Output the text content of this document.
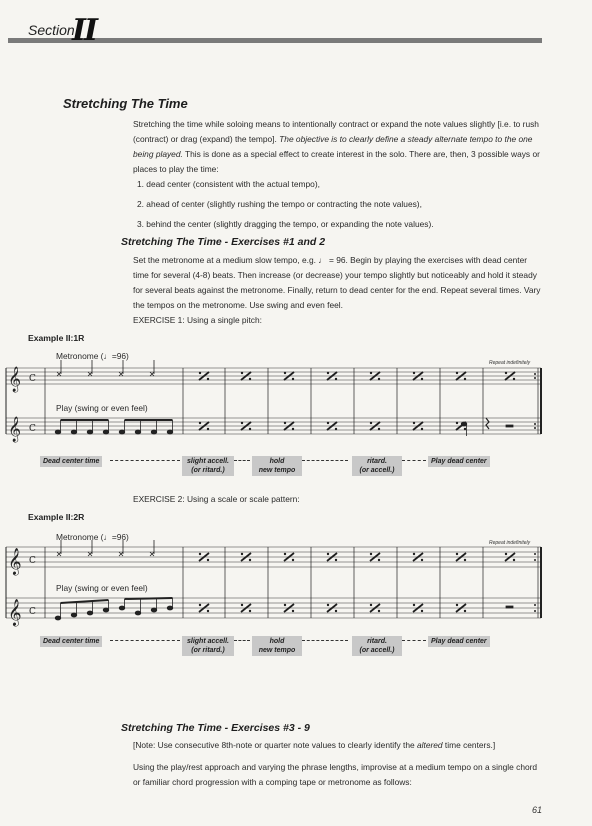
Section
II
Stretching The Time
Stretching the time while soloing means to intentionally contract or expand the note values slightly [i.e. to rush (contract) or drag (expand) the tempo]. The objective is to clearly define a steady alternate tempo to the one being played. This is done as a special effect to create interest in the solo. There are, then, 3 possible ways or places to play the time:
1. dead center (consistent with the actual tempo),
2. ahead of center (slightly rushing the tempo or contracting the note values),
3. behind the center (slightly dragging the tempo, or expanding the note values).
Stretching The Time - Exercises #1 and 2
Set the metronome at a medium slow tempo, e.g. ♩ = 96. Begin by playing the exercises with dead center time for several (4-8) beats. Then increase (or decrease) your tempo slightly but noticeably and hold it steady for several beats against the metronome. Finally, return to dead center for the end. Repeat several times. Vary the tempos on the metronome. Use swing and even feel.
EXERCISE 1: Using a single pitch:
Example II:1R
Example II:2R
EXERCISE 2: Using a scale or scale pattern:
𝄞
𝄞
C
C
Metronome (♩=96)
Play (swing or even feel)
Repeat indefinitely
𝄞
𝄞
C
C
Metronome (♩=96)
Play (swing or even feel)
Repeat indefinitely
Dead center time	slight accell.
(or ritard.)
hold
new tempo
ritard.
(or accell.)
Play dead center
Dead center time	slight accell.
(or ritard.)
hold
new tempo
ritard.
(or accell.)
Play dead center
Stretching The Time - Exercises #3 - 9
[Note: Use consecutive 8th-note or quarter note values to clearly identify the altered time centers.]
Using the play/rest approach and varying the phrase lengths, improvise at a medium tempo on a single chord or familiar chord progression with a comping tape or metronome as follows:
61
